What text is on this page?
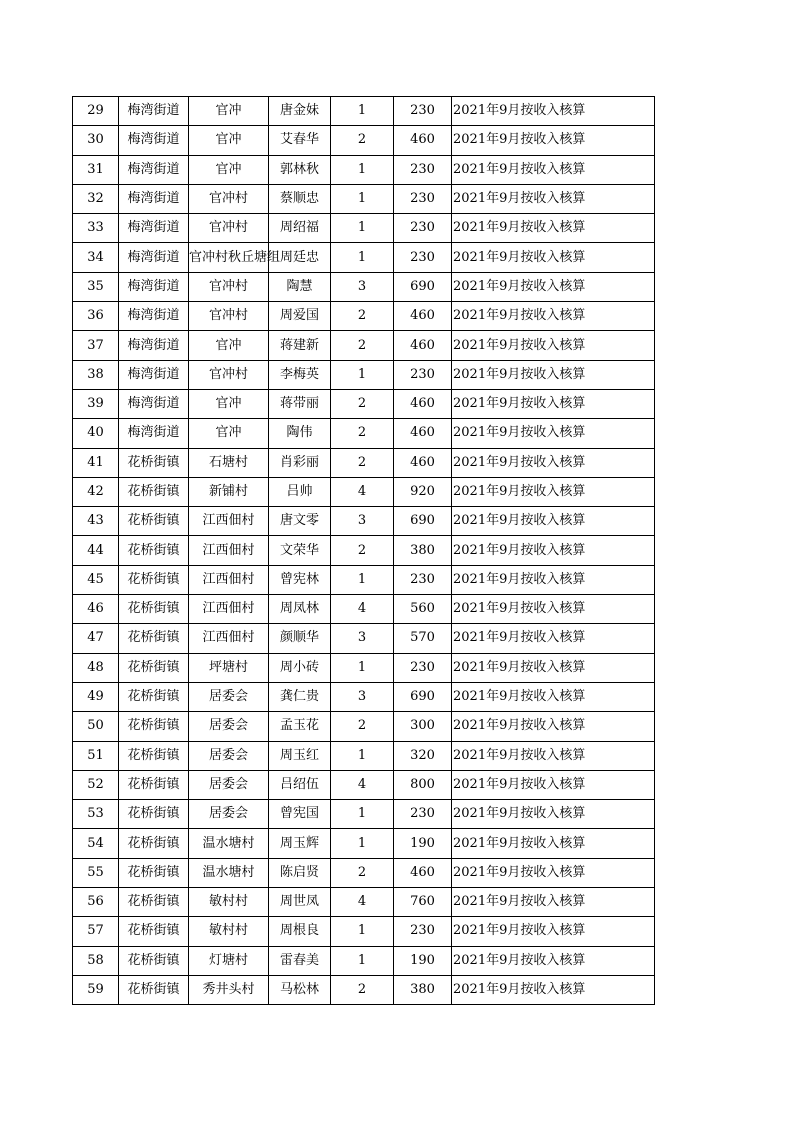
29	梅湾街道	官冲	唐金妹	1	230	2021年9月按收入核算
30	梅湾街道	官冲	艾春华	2	460	2021年9月按收入核算
31	梅湾街道	官冲	郭林秋	1	230	2021年9月按收入核算
32	梅湾街道	官冲村	蔡顺忠	1	230	2021年9月按收入核算
33	梅湾街道	官冲村	周绍福	1	230	2021年9月按收入核算
34	梅湾街道	官冲村秋丘塘组	周廷忠	1	230	2021年9月按收入核算
35	梅湾街道	官冲村	陶慧	3	690	2021年9月按收入核算
36	梅湾街道	官冲村	周爱国	2	460	2021年9月按收入核算
37	梅湾街道	官冲	蒋建新	2	460	2021年9月按收入核算
38	梅湾街道	官冲村	李梅英	1	230	2021年9月按收入核算
39	梅湾街道	官冲	蒋带丽	2	460	2021年9月按收入核算
40	梅湾街道	官冲	陶伟	2	460	2021年9月按收入核算
41	花桥街镇	石塘村	肖彩丽	2	460	2021年9月按收入核算
42	花桥街镇	新铺村	吕帅	4	920	2021年9月按收入核算
43	花桥街镇	江西佃村	唐文零	3	690	2021年9月按收入核算
44	花桥街镇	江西佃村	文荣华	2	380	2021年9月按收入核算
45	花桥街镇	江西佃村	曾宪林	1	230	2021年9月按收入核算
46	花桥街镇	江西佃村	周凤林	4	560	2021年9月按收入核算
47	花桥街镇	江西佃村	颜顺华	3	570	2021年9月按收入核算
48	花桥街镇	坪塘村	周小砖	1	230	2021年9月按收入核算
49	花桥街镇	居委会	龚仁贵	3	690	2021年9月按收入核算
50	花桥街镇	居委会	孟玉花	2	300	2021年9月按收入核算
51	花桥街镇	居委会	周玉红	1	320	2021年9月按收入核算
52	花桥街镇	居委会	吕绍伍	4	800	2021年9月按收入核算
53	花桥街镇	居委会	曾宪国	1	230	2021年9月按收入核算
54	花桥街镇	温水塘村	周玉辉	1	190	2021年9月按收入核算
55	花桥街镇	温水塘村	陈启贤	2	460	2021年9月按收入核算
56	花桥街镇	敏村村	周世凤	4	760	2021年9月按收入核算
57	花桥街镇	敏村村	周根良	1	230	2021年9月按收入核算
58	花桥街镇	灯塘村	雷春美	1	190	2021年9月按收入核算
59	花桥街镇	秀井头村	马松林	2	380	2021年9月按收入核算
